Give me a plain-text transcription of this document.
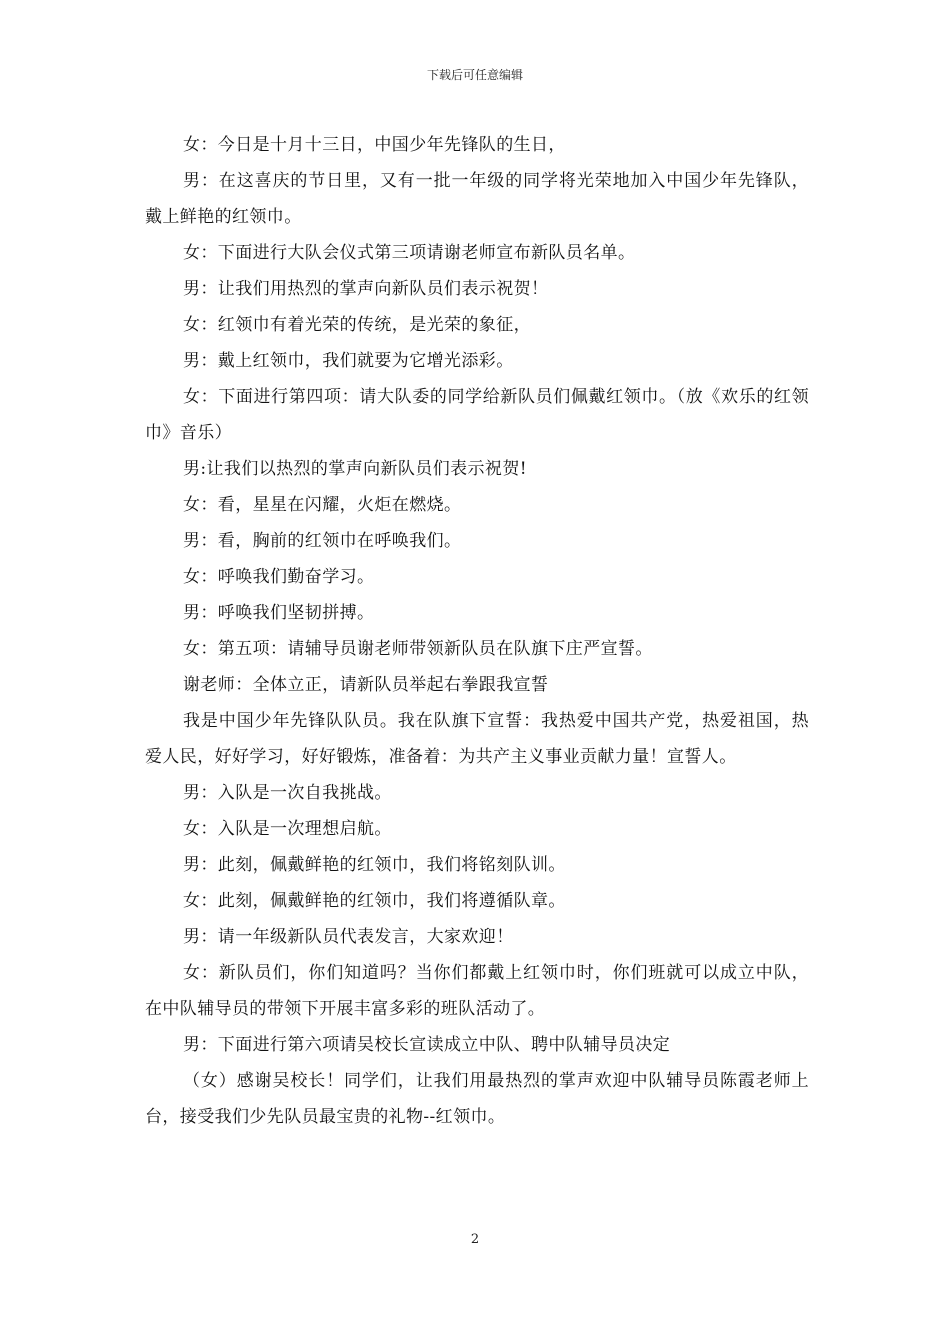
下载后可任意编辑

女：今日是十月十三日，中国少年先锋队的生日，

男：在这喜庆的节日里，又有一批一年级的同学将光荣地加入中国少年先锋队，戴上鲜艳的红领巾。

女：下面进行大队会仪式第三项请谢老师宣布新队员名单。

男：让我们用热烈的掌声向新队员们表示祝贺！

女：红领巾有着光荣的传统，是光荣的象征，

男：戴上红领巾，我们就要为它增光添彩。

女：下面进行第四项：请大队委的同学给新队员们佩戴红领巾。（放《欢乐的红领巾》音乐）

男:让我们以热烈的掌声向新队员们表示祝贺!

女：看，星星在闪耀，火炬在燃烧。

男：看，胸前的红领巾在呼唤我们。

女：呼唤我们勤奋学习。

男：呼唤我们坚韧拼搏。

女：第五项：请辅导员谢老师带领新队员在队旗下庄严宣誓。

谢老师：全体立正，请新队员举起右拳跟我宣誓

我是中国少年先锋队队员。我在队旗下宣誓：我热爱中国共产党，热爱祖国，热爱人民，好好学习，好好锻炼，准备着：为共产主义事业贡献力量！宣誓人。

男：入队是一次自我挑战。

女：入队是一次理想启航。

男：此刻，佩戴鲜艳的红领巾，我们将铭刻队训。

女：此刻，佩戴鲜艳的红领巾，我们将遵循队章。

男：请一年级新队员代表发言，大家欢迎！

女：新队员们，你们知道吗？当你们都戴上红领巾时，你们班就可以成立中队，在中队辅导员的带领下开展丰富多彩的班队活动了。

男：下面进行第六项请吴校长宣读成立中队、聘中队辅导员决定

（女）感谢吴校长！同学们，让我们用最热烈的掌声欢迎中队辅导员陈霞老师上台，接受我们少先队员最宝贵的礼物--红领巾。

2
